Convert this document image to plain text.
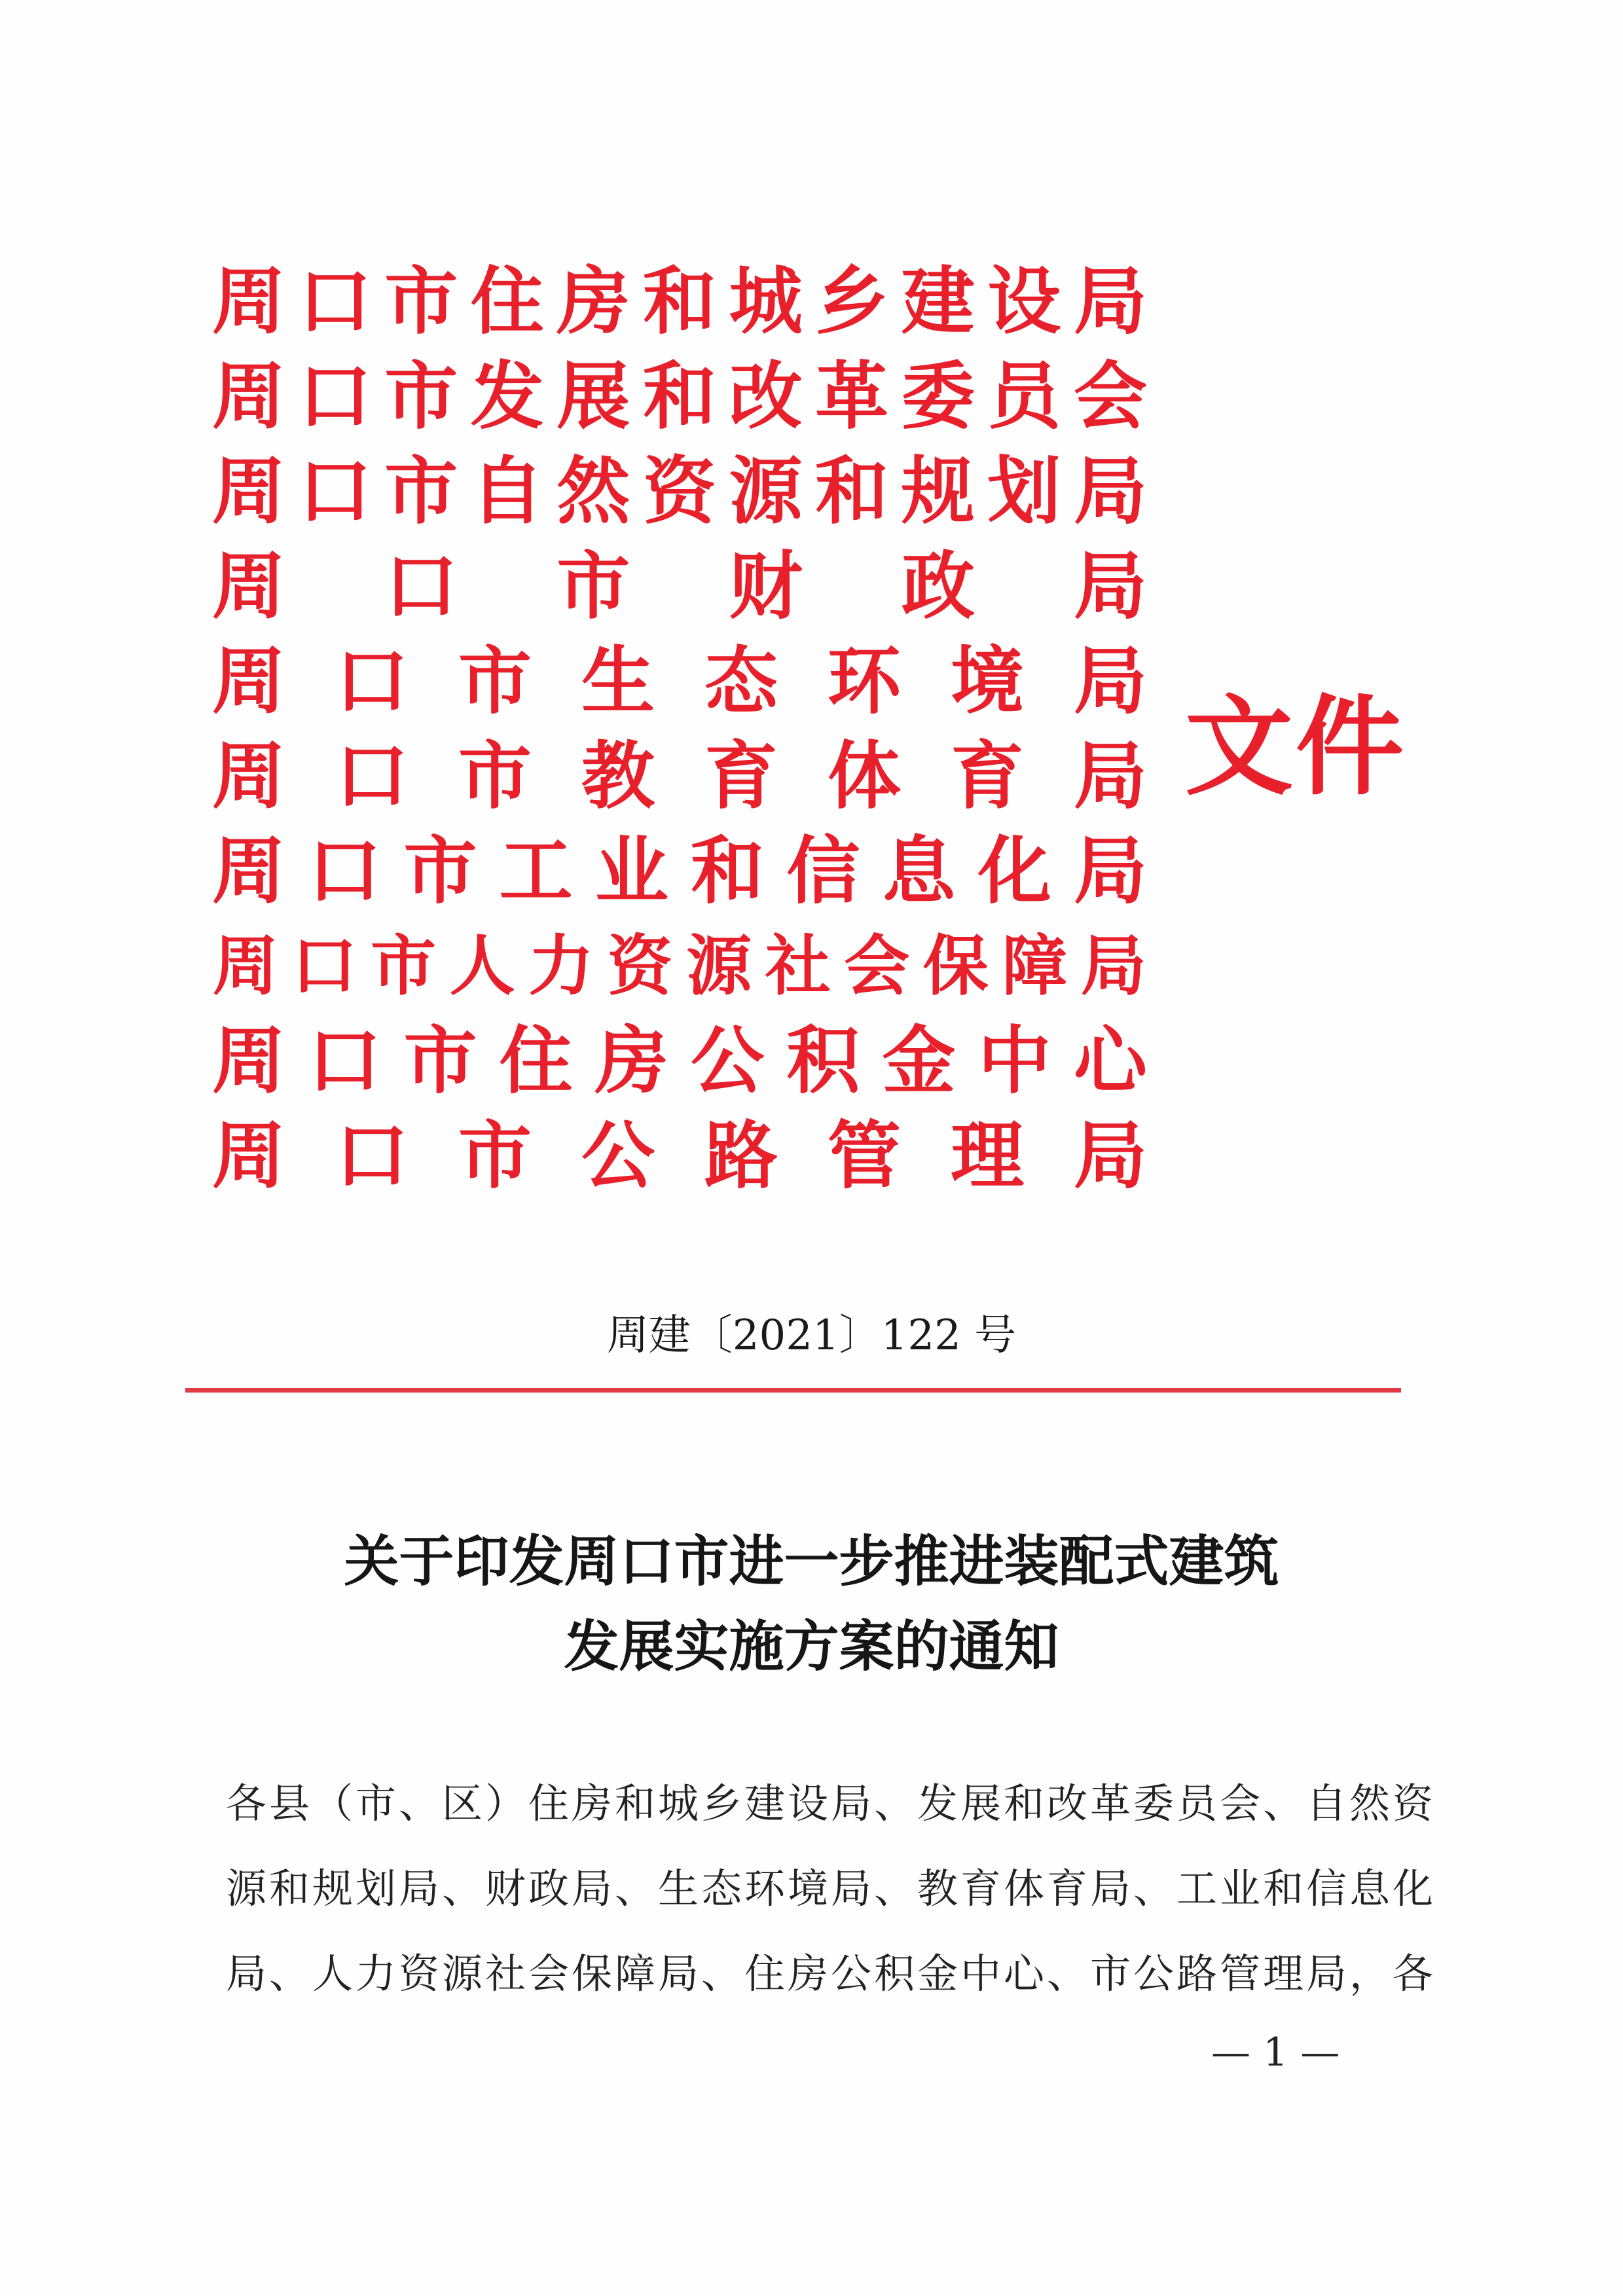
周 口 市 住 房 和 城 乡 建 设 局
周 口 市 发 展 和 改 革 委 员 会
周 口 市 自 然 资 源 和 规 划 局
周 口 市 财 政 局
周 口 市 生 态 环 境 局
周 口 市 教 育 体 育 局
周 口 市 工 业 和 信 息 化 局
周 口 市 人 力 资 源 社 会 保 障 局
周 口 市 住 房 公 积 金 中 心
周 口 市 公 路 管 理 局
文件
周建〔2021〕122 号
关于印发周口市进一步推进装配式建筑
发展实施方案的通知
各县（市、区）住房和城乡建设局、发展和改革委员会、自然资
源和规划局、财政局、生态环境局、教育体育局、工业和信息化
局、人力资源社会保障局、住房公积金中心、市公路管理局，各
— 1 —
